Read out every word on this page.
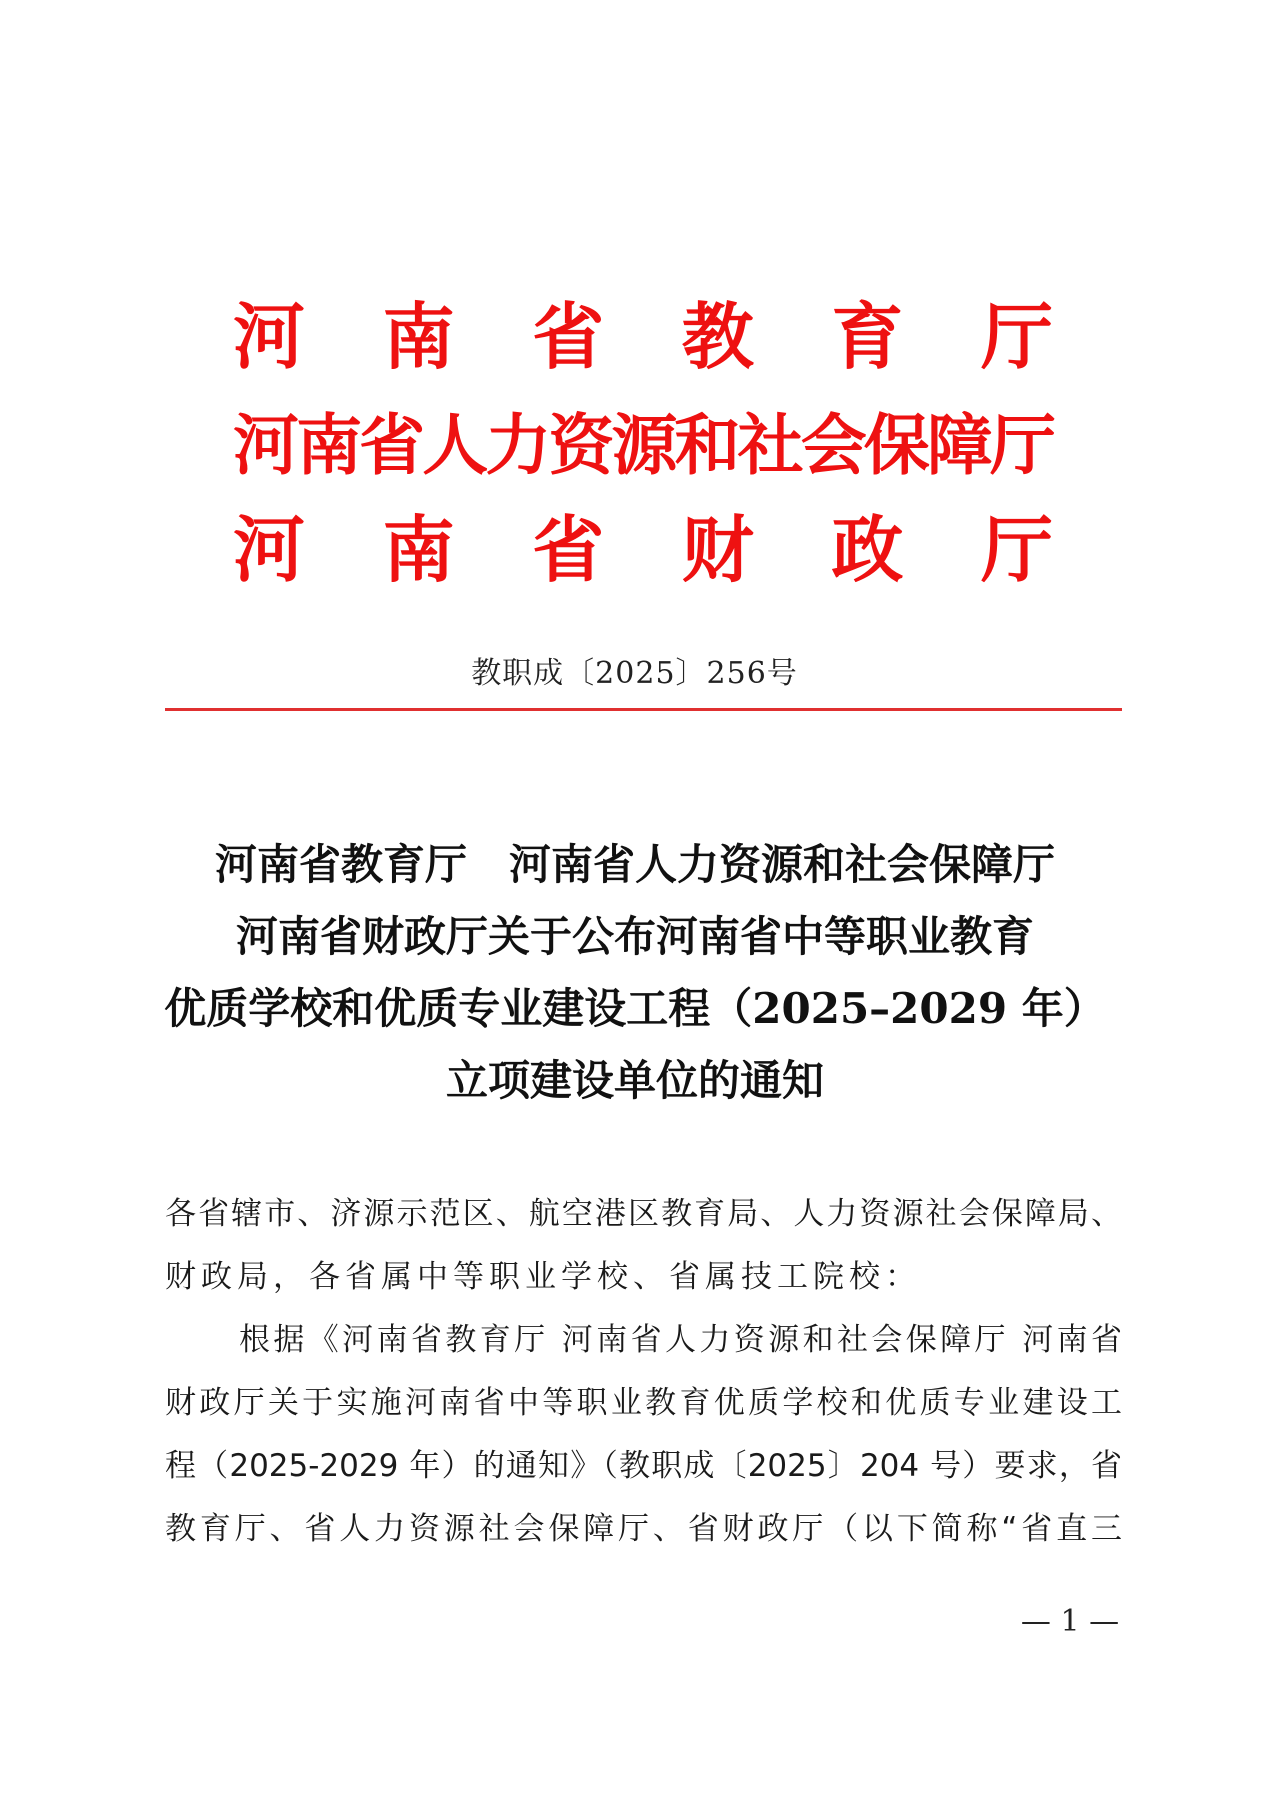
河 南 省 教 育 厅
河 南 省 人 力 资 源 和 社 会 保 障 厅
河 南 省 财 政 厅
教职成〔2025〕256号
河南省教育厅　河南省人力资源和社会保障厅
河南省财政厅关于公布河南省中等职业教育
优质学校和优质专业建设工程（2025–2029 年）
立项建设单位的通知
各省辖市、济源示范区、航空港区教育局、人力资源社会保障局、
财政局，各省属中等职业学校、省属技工院校：
根据《河南省教育厅 河南省人力资源和社会保障厅 河南省
财政厅关于实施河南省中等职业教育优质学校和优质专业建设工
程（2025-2029 年）的通知》（教职成〔2025〕204 号）要求，省
教育厅、省人力资源社会保障厅、省财政厅（以下简称“省直三
— 1 —
